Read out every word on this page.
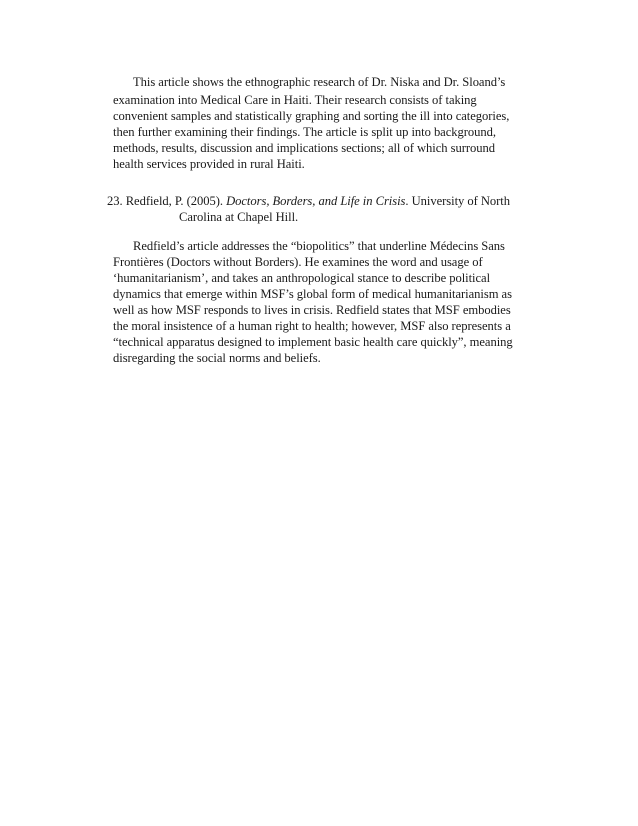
This article shows the ethnographic research of Dr. Niska and Dr. Sloand’s
examination into Medical Care in Haiti. Their research consists of taking
convenient samples and statistically graphing and sorting the ill into categories,
then further examining their findings. The article is split up into background,
methods, results, discussion and implications sections; all of which surround
health services provided in rural Haiti.
23. Redfield, P. (2005). Doctors, Borders, and Life in Crisis. University of North
Carolina at Chapel Hill.
Redfield’s article addresses the “biopolitics” that underline Médecins Sans
Frontières (Doctors without Borders). He examines the word and usage of
‘humanitarianism’, and takes an anthropological stance to describe political
dynamics that emerge within MSF’s global form of medical humanitarianism as
well as how MSF responds to lives in crisis. Redfield states that MSF embodies
the moral insistence of a human right to health; however, MSF also represents a
“technical apparatus designed to implement basic health care quickly”, meaning
disregarding the social norms and beliefs.
